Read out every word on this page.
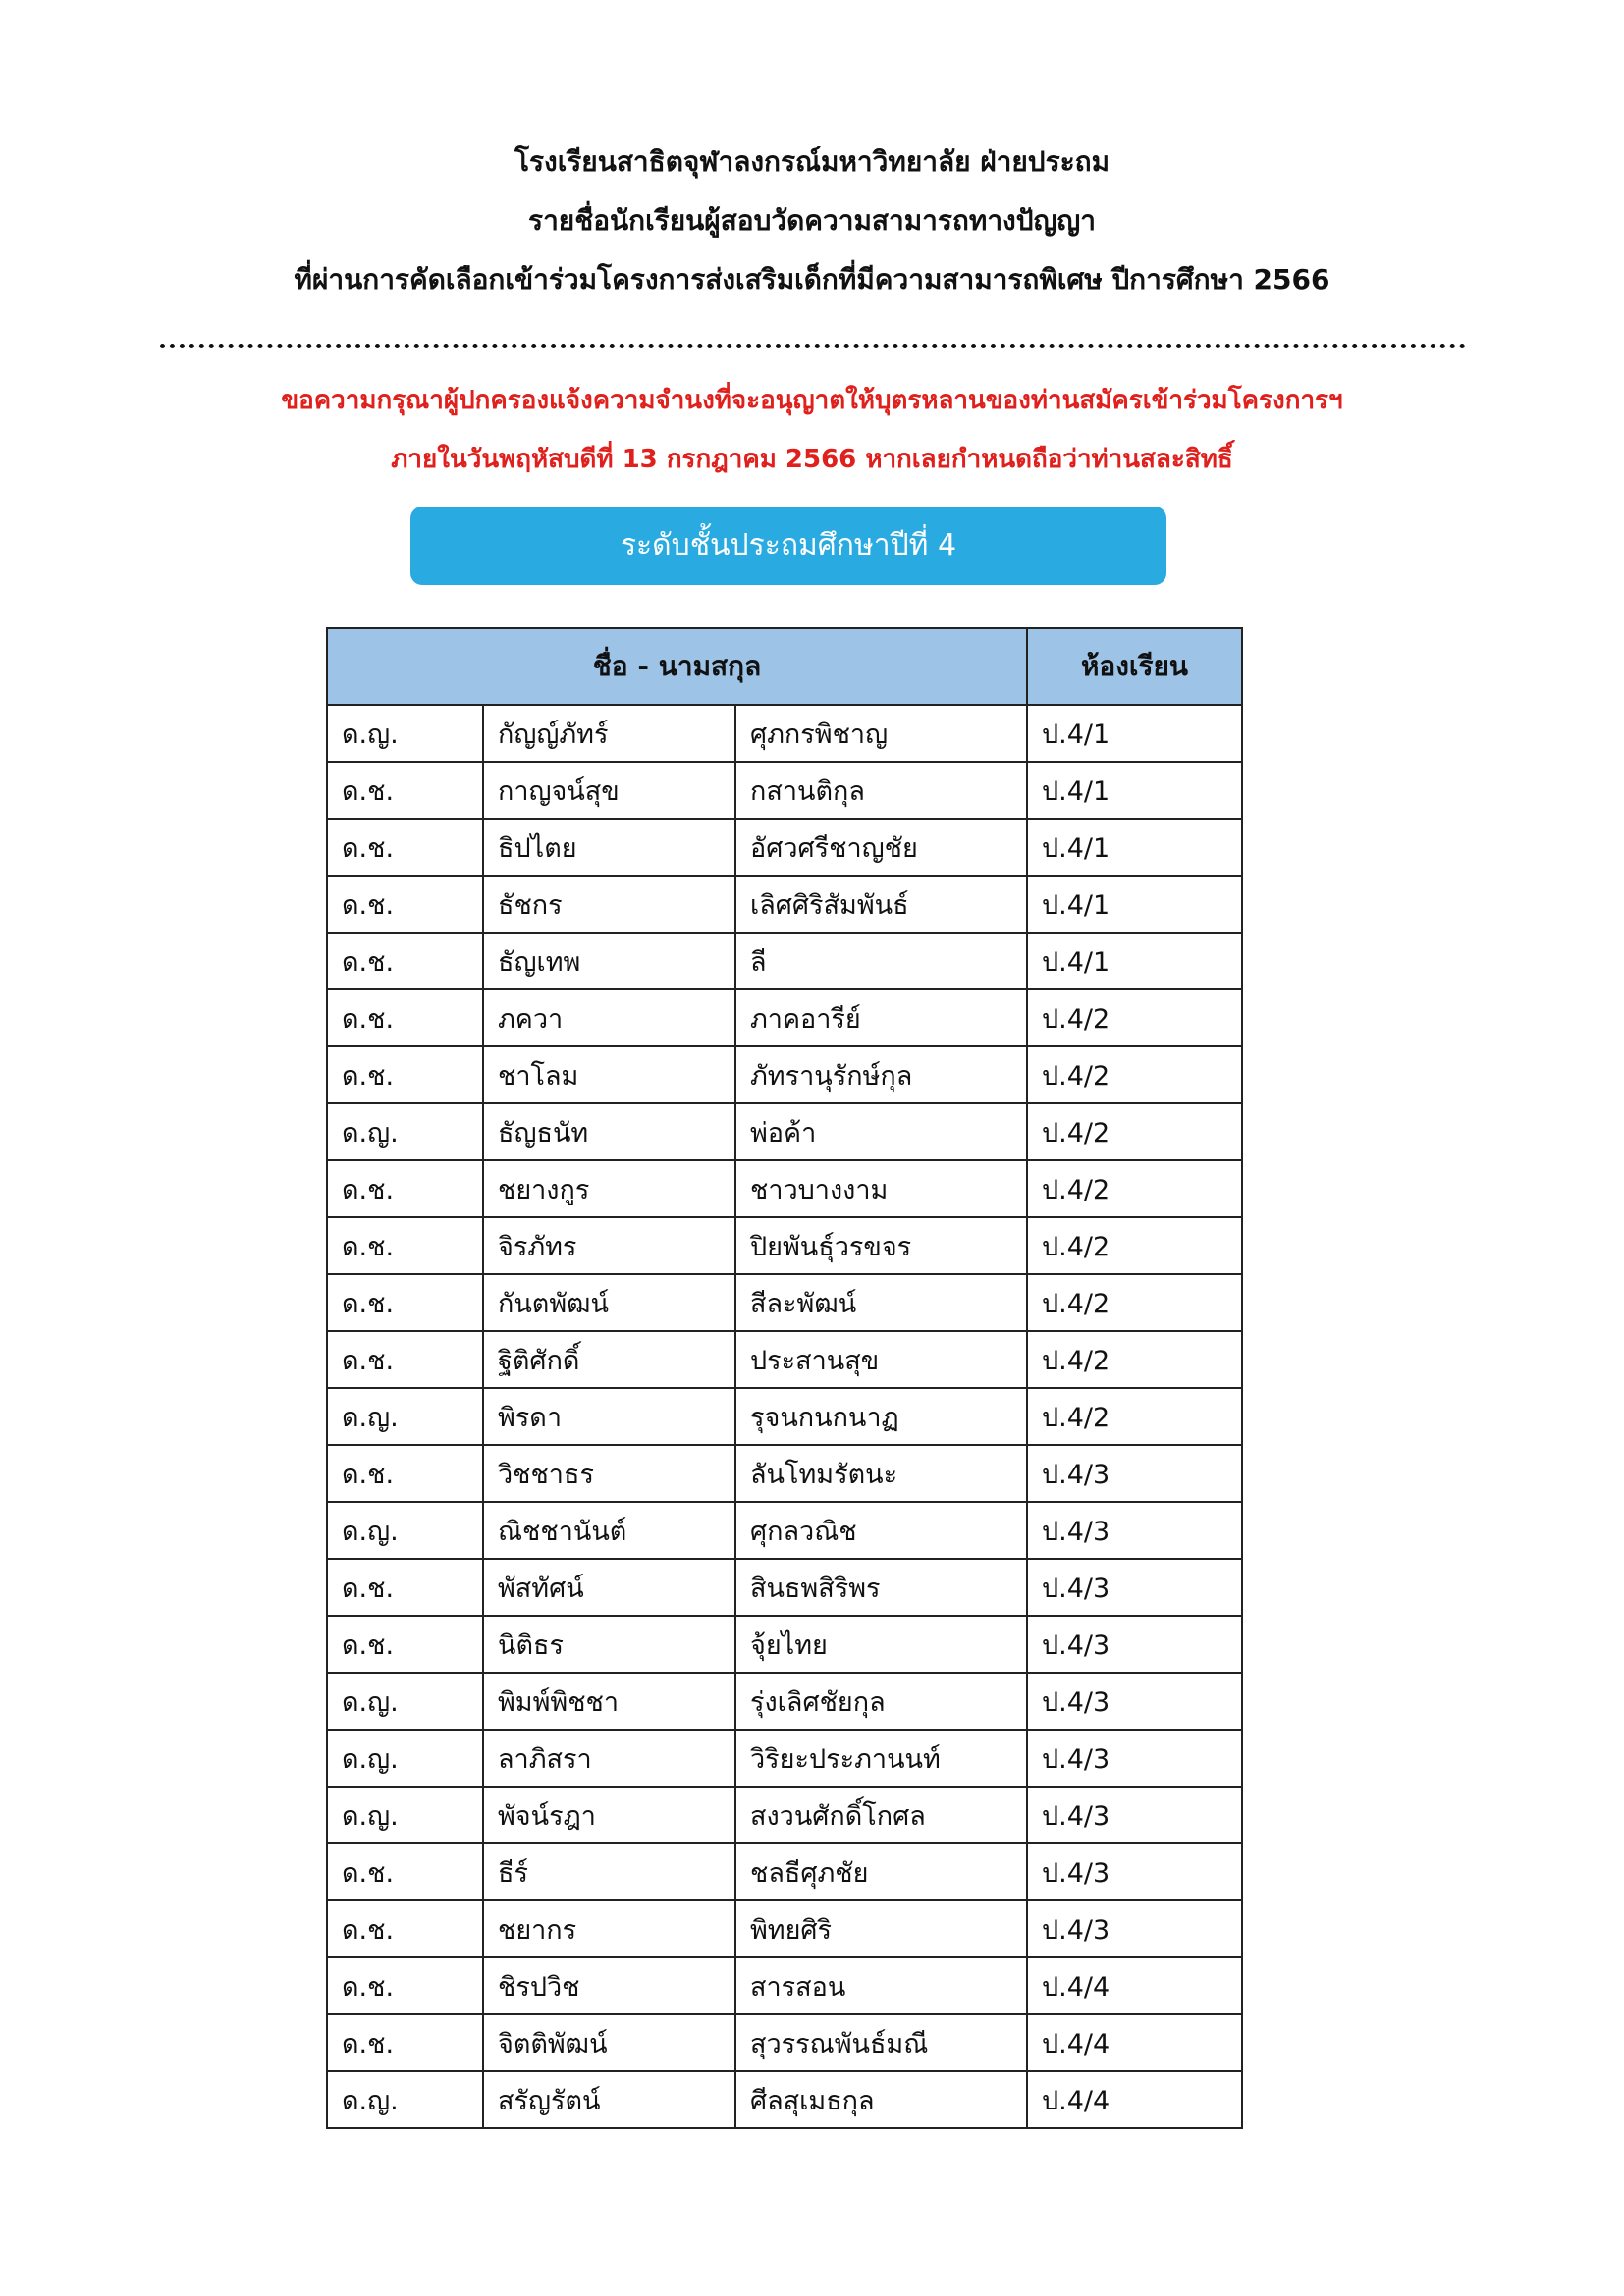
โรงเรียนสาธิตจุฬาลงกรณ์มหาวิทยาลัย ฝ่ายประถม
รายชื่อนักเรียนผู้สอบวัดความสามารถทางปัญญา
ที่ผ่านการคัดเลือกเข้าร่วมโครงการส่งเสริมเด็กที่มีความสามารถพิเศษ ปีการศึกษา 2566
ขอความกรุณาผู้ปกครองแจ้งความจำนงที่จะอนุญาตให้บุตรหลานของท่านสมัครเข้าร่วมโครงการฯ
ภายในวันพฤหัสบดีที่ 13 กรกฎาคม 2566 หากเลยกำหนดถือว่าท่านสละสิทธิ์
ระดับชั้นประถมศึกษาปีที่ 4
ชื่อ - นามสกุล			ห้องเรียน
ด.ญ.	กัญญ์ภัทร์	ศุภกรพิชาญ	ป.4/1
ด.ช.	กาญจน์สุข	กสานติกุล	ป.4/1
ด.ช.	ธิปไตย	อัศวศรีชาญชัย	ป.4/1
ด.ช.	ธัชกร	เลิศศิริสัมพันธ์	ป.4/1
ด.ช.	ธัญเทพ	ลี	ป.4/1
ด.ช.	ภควา	ภาคอารีย์	ป.4/2
ด.ช.	ชาโลม	ภัทรานุรักษ์กุล	ป.4/2
ด.ญ.	ธัญธนัท	พ่อค้า	ป.4/2
ด.ช.	ชยางกูร	ชาวบางงาม	ป.4/2
ด.ช.	จิรภัทร	ปิยพันธุ์วรขจร	ป.4/2
ด.ช.	กันตพัฒน์	สีละพัฒน์	ป.4/2
ด.ช.	ฐิติศักดิ์	ประสานสุข	ป.4/2
ด.ญ.	พิรดา	รุจนกนกนาฏ	ป.4/2
ด.ช.	วิชชาธร	ลันโทมรัตนะ	ป.4/3
ด.ญ.	ณิชชานันต์	ศุกลวณิช	ป.4/3
ด.ช.	พัสทัศน์	สินธพสิริพร	ป.4/3
ด.ช.	นิติธร	จุ้ยไทย	ป.4/3
ด.ญ.	พิมพ์พิชชา	รุ่งเลิศชัยกุล	ป.4/3
ด.ญ.	ลาภิสรา	วิริยะประภานนท์	ป.4/3
ด.ญ.	พัจน์รฎา	สงวนศักดิ์โกศล	ป.4/3
ด.ช.	ธีร์	ชลธีศุภชัย	ป.4/3
ด.ช.	ชยากร	พิทยศิริ	ป.4/3
ด.ช.	ชิรปวิช	สารสอน	ป.4/4
ด.ช.	จิตติพัฒน์	สุวรรณพันธ์มณี	ป.4/4
ด.ญ.	สรัญรัตน์	ศีลสุเมธกุล	ป.4/4
